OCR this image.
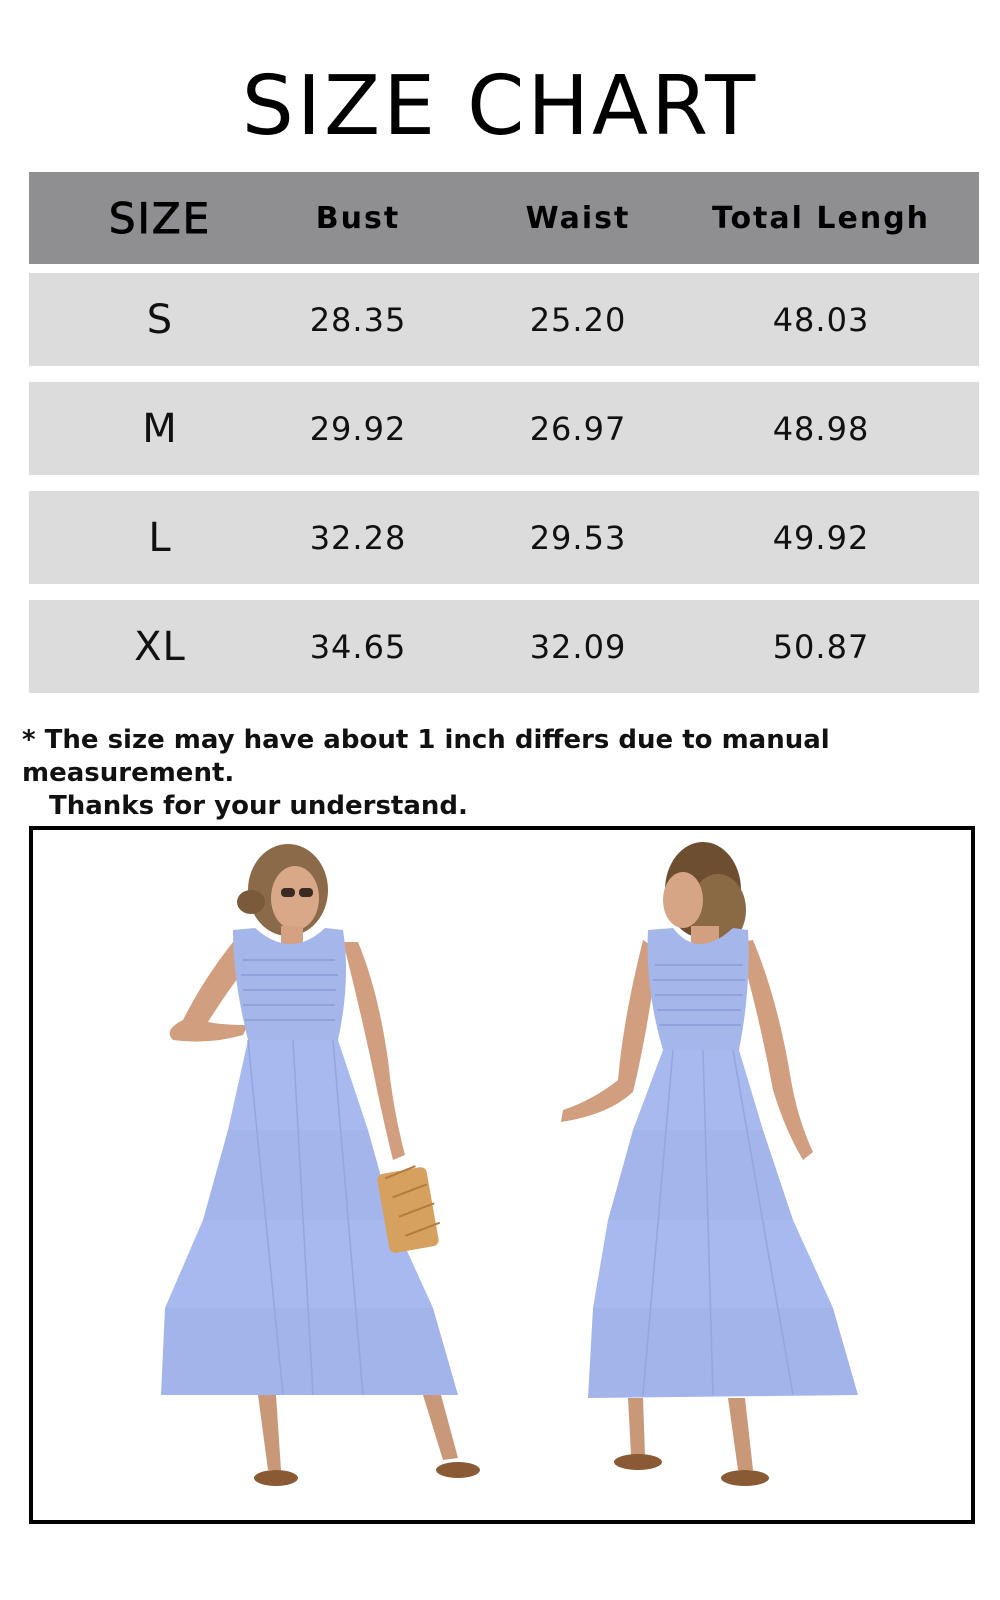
SIZE CHART
SIZE	Bust	Waist	Total Lengh
S	28.35	25.20	48.03
M	29.92	26.97	48.98
L	32.28	29.53	49.92
XL	34.65	32.09	50.87
* The size may have about 1 inch differs due to manual measurement.
Thanks for your understand.
